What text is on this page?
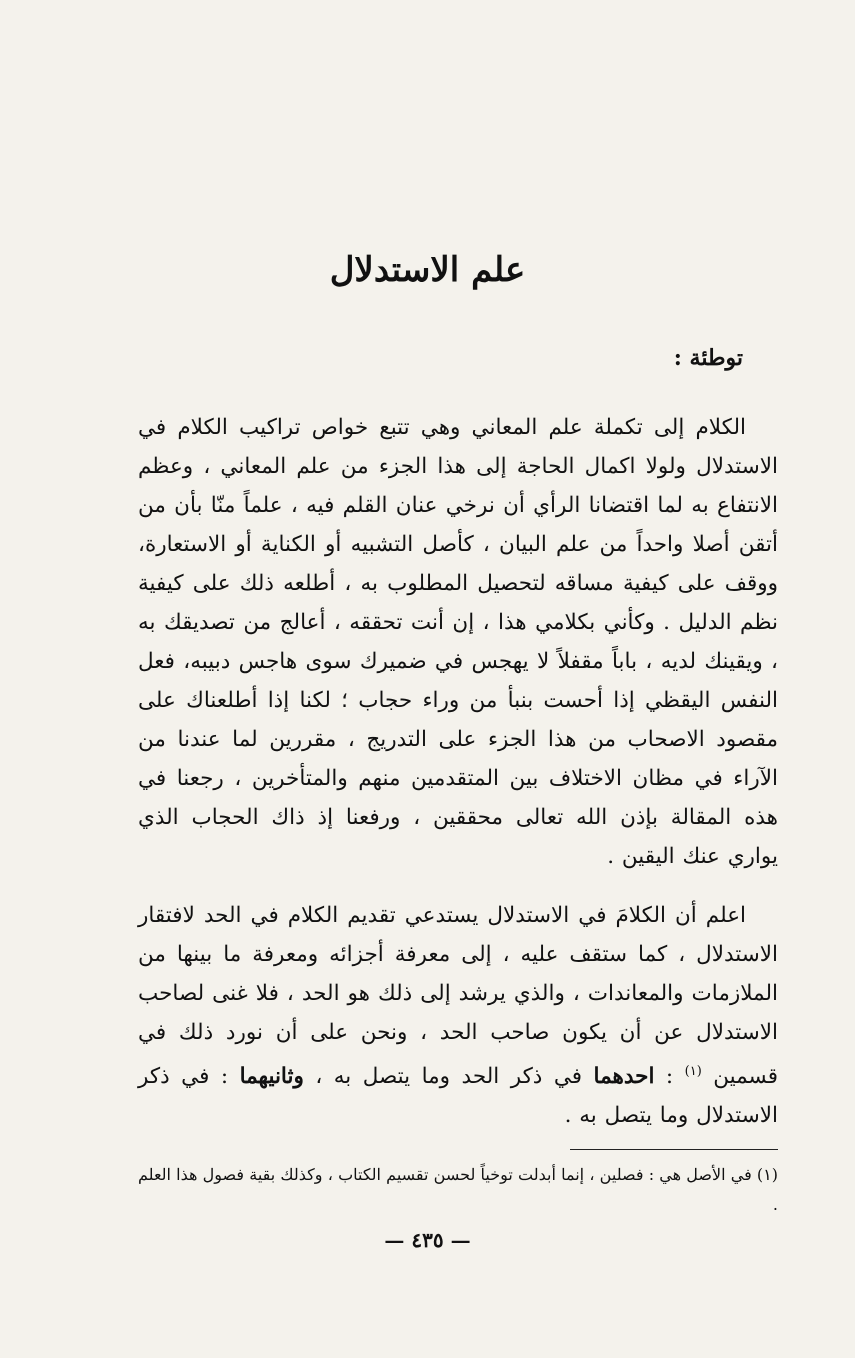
علم الاستدلال
توطئة :

الكلام إلى تكملة علم المعاني وهي تتبع خواص تراكيب الكلام في الاستدلال ولولا اكمال الحاجة إلى هذا الجزء من علم المعاني ، وعظم الانتفاع به لما اقتضانا الرأي أن نرخي عنان القلم فيه ، علماً منّا بأن من أتقن أصلا واحداً من علم البيان ، كأصل التشبيه أو الكناية أو الاستعارة، ووقف على كيفية مساقه لتحصيل المطلوب به ، أطلعه ذلك على كيفية نظم الدليل . وكأني بكلامي هذا ، إن أنت تحققه ، أعالج من تصديقك به ، ويقينك لديه ، باباً مقفلاً لا يهجس في ضميرك سوى هاجس دبيبه، فعل النفس اليقظي إذا أحست بنبأ من وراء حجاب ؛ لكنا إذا أطلعناك على مقصود الاصحاب من هذا الجزء على التدريج ، مقررين لما عندنا من الآراء في مظان الاختلاف بين المتقدمين منهم والمتأخرين ، رجعنا في هذه المقالة بإذن الله تعالى محققين ، ورفعنا إذ ذاك الحجاب الذي يواري عنك اليقين .

اعلم أن الكلامَ في الاستدلال يستدعي تقديم الكلام في الحد لافتقار الاستدلال ، كما ستقف عليه ، إلى معرفة أجزائه ومعرفة ما بينها من الملازمات والمعاندات ، والذي يرشد إلى ذلك هو الحد ، فلا غنى لصاحب الاستدلال عن أن يكون صاحب الحد ، ونحن على أن نورد ذلك في قسمين $^{(١)}$ : احدهما في ذكر الحد وما يتصل به ، وثانيهما : في ذكر الاستدلال وما يتصل به .

(١) في الأصل هي : فصلين ، إنما أبدلت توخياً لحسن تقسيم الكتاب ، وكذلك بقية فصول هذا العلم .

— ٤٣٥ —
